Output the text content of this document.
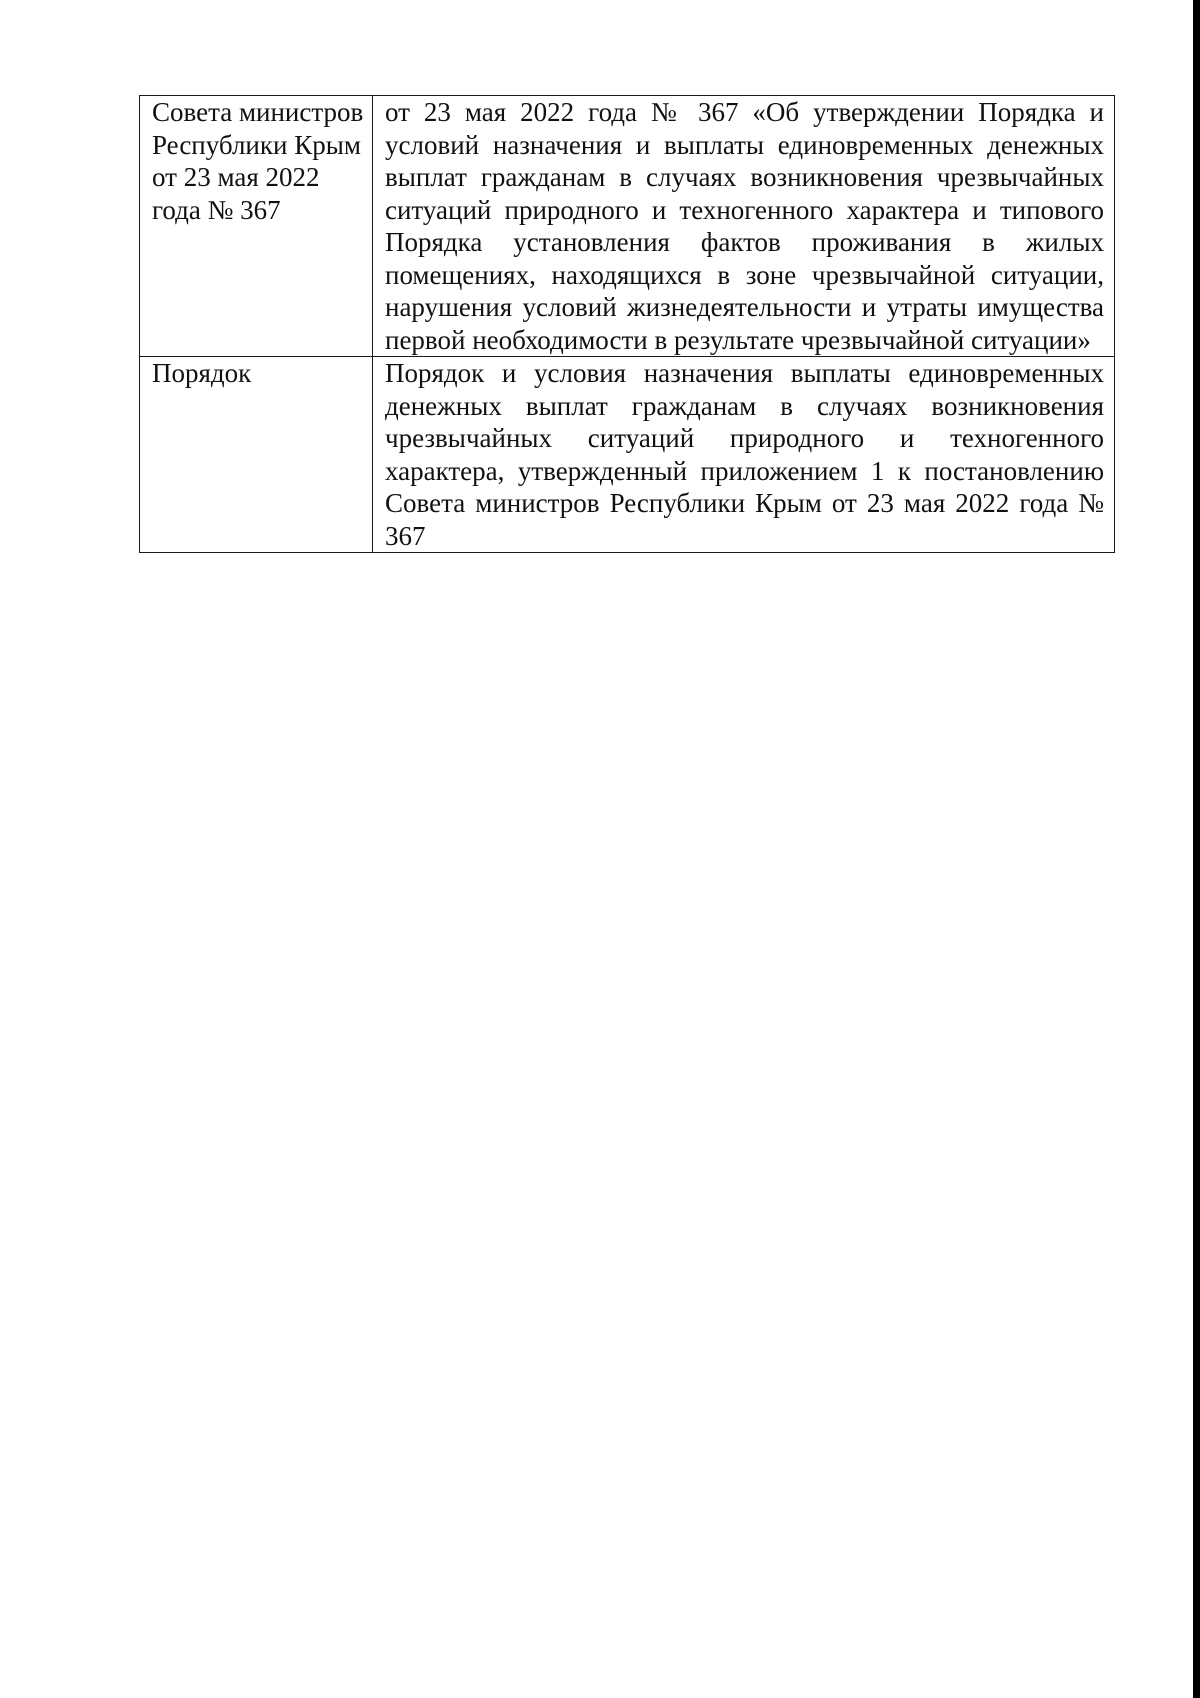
Совета министров Республики Крым от 23 мая 2022 года № 367	от 23 мая 2022 года № 367 «Об утверждении Порядка и условий назначения и выплаты единовременных денежных выплат гражданам в случаях возникновения чрезвычайных ситуаций природного и техногенного характера и типового Порядка установления фактов проживания в жилых помещениях, находящихся в зоне чрезвычайной ситуации, нарушения условий жизнедеятельности и утраты имущества первой необходимости в результате чрезвычайной ситуации»

Порядок	Порядок и условия назначения выплаты единовременных денежных выплат гражданам в случаях возникновения чрезвычайных ситуаций природного и техногенного характера, утвержденный приложением 1 к постановлению Совета министров Республики Крым от 23 мая 2022 года № 367
